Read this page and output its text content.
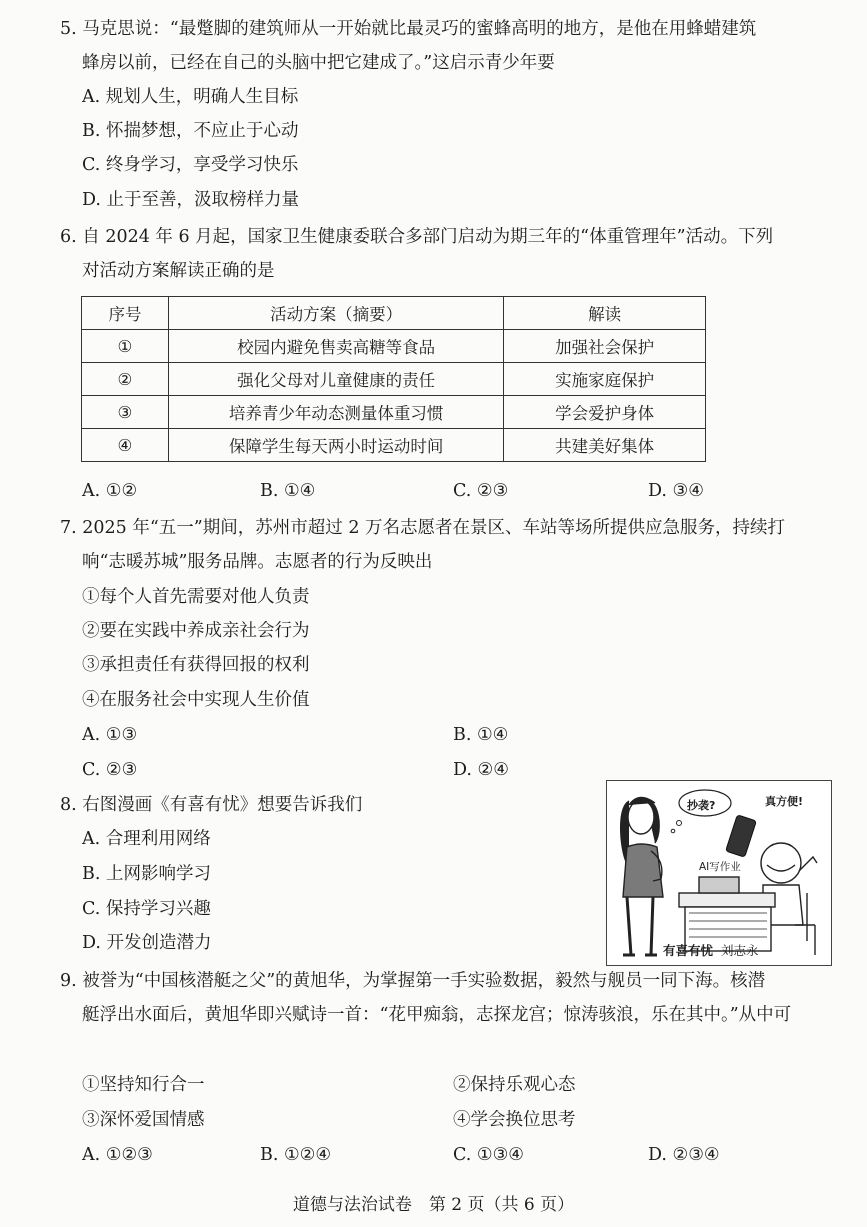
5. 马克思说：“最蹩脚的建筑师从一开始就比最灵巧的蜜蜂高明的地方，是他在用蜂蜡建筑
蜂房以前，已经在自己的头脑中把它建成了。”这启示青少年要
A. 规划人生，明确人生目标
B. 怀揣梦想，不应止于心动
C. 终身学习，享受学习快乐
D. 止于至善，汲取榜样力量
6. 自 2024 年 6 月起，国家卫生健康委联合多部门启动为期三年的“体重管理年”活动。下列
对活动方案解读正确的是
序号	活动方案（摘要）	解读
①	校园内避免售卖高糖等食品	加强社会保护
②	强化父母对儿童健康的责任	实施家庭保护
③	培养青少年动态测量体重习惯	学会爱护身体
④	保障学生每天两小时运动时间	共建美好集体
A. ①②	B. ①④	C. ②③	D. ③④
7. 2025 年“五一”期间，苏州市超过 2 万名志愿者在景区、车站等场所提供应急服务，持续打
响“志暖苏城”服务品牌。志愿者的行为反映出
①每个人首先需要对他人负责
②要在实践中养成亲社会行为
③承担责任有获得回报的权利
④在服务社会中实现人生价值
A. ①③	B. ①④
C. ②③	D. ②④
8. 右图漫画《有喜有忧》想要告诉我们
A. 合理利用网络
B. 上网影响学习
C. 保持学习兴趣
D. 开发创造潜力
抄袭?	真方便!
AI写作业
有喜有忧 刘志永
9. 被誉为“中国核潜艇之父”的黄旭华，为掌握第一手实验数据，毅然与舰员一同下海。核潜
艇浮出水面后，黄旭华即兴赋诗一首：“花甲痴翁，志探龙宫；惊涛骇浪，乐在其中。”从中可
①坚持知行合一	②保持乐观心态
③深怀爱国情感	④学会换位思考
A. ①②③	B. ①②④	C. ①③④	D. ②③④
道德与法治试卷　第 2 页（共 6 页）
